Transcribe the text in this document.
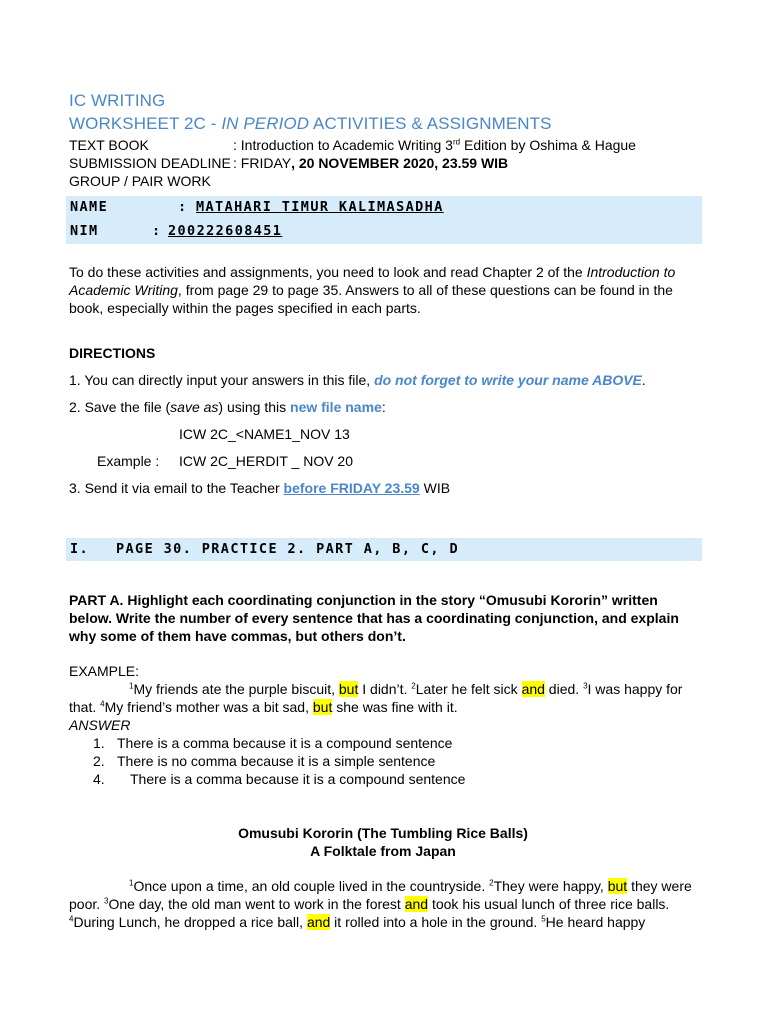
IC WRITING
WORKSHEET 2C - IN PERIOD ACTIVITIES & ASSIGNMENTS
TEXT BOOK	: Introduction to Academic Writing 3rd Edition by Oshima & Hague
SUBMISSION DEADLINE : FRIDAY, 20 NOVEMBER 2020, 23.59 WIB
GROUP / PAIR WORK
NAME	: MATAHARI TIMUR KALIMASADHA
NIM	: 200222608451
To do these activities and assignments, you need to look and read Chapter 2 of the Introduction to Academic Writing, from page 29 to page 35. Answers to all of these questions can be found in the book, especially within the pages specified in each parts.
DIRECTIONS
1. You can directly input your answers in this file, do not forget to write your name ABOVE.
2. Save the file (save as) using this new file name:
ICW 2C_<NAME1_NOV 13
Example : ICW 2C_HERDIT _ NOV 20
3. Send it via email to the Teacher before FRIDAY 23.59 WIB
I. PAGE 30. PRACTICE 2. PART A, B, C, D
PART A. Highlight each coordinating conjunction in the story “Omusubi Kororin” written below. Write the number of every sentence that has a coordinating conjunction, and explain why some of them have commas, but others don’t.
EXAMPLE:
$^1$My friends ate the purple biscuit, but I didn’t. $^2$Later he felt sick and died. $^3$I was happy for that. $^4$My friend’s mother was a bit sad, but she was fine with it.
ANSWER
1. There is a comma because it is a compound sentence
2. There is no comma because it is a simple sentence
4. There is a comma because it is a compound sentence
Omusubi Kororin (The Tumbling Rice Balls)
A Folktale from Japan
$^1$Once upon a time, an old couple lived in the countryside. $^2$They were happy, but they were poor. $^3$One day, the old man went to work in the forest and took his usual lunch of three rice balls. $^4$During Lunch, he dropped a rice ball, and it rolled into a hole in the ground. $^5$He heard happy
